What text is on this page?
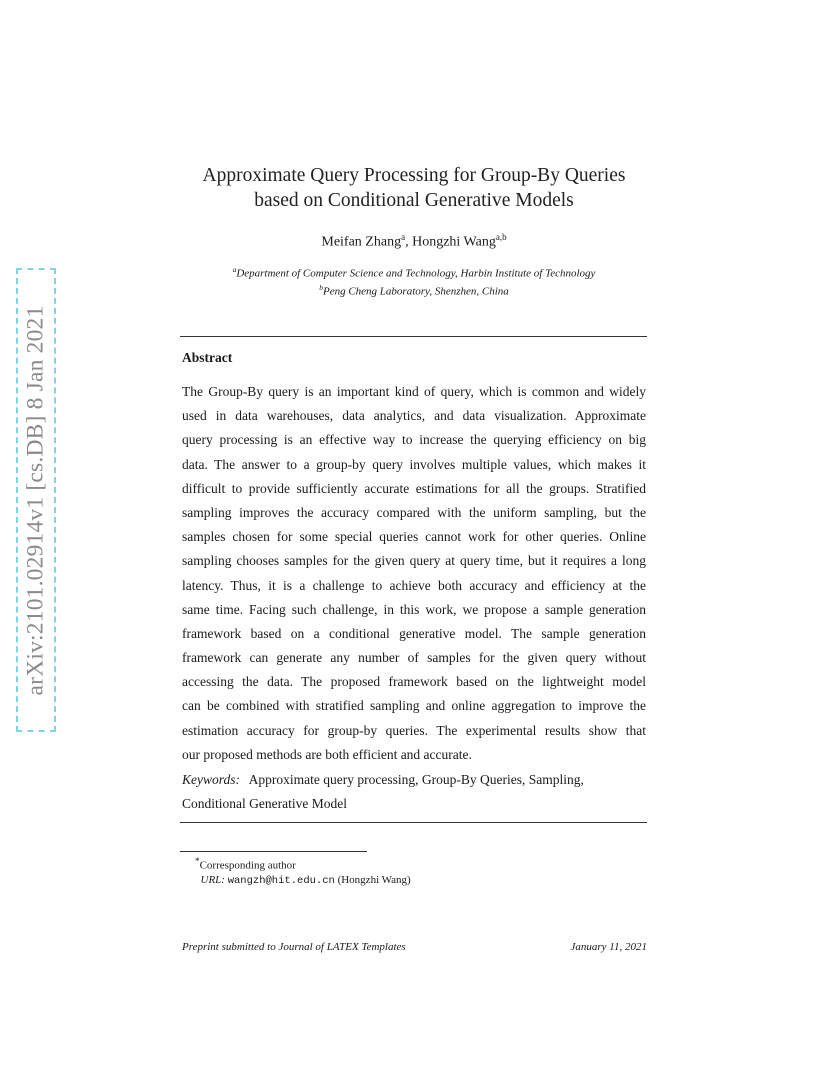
arXiv:2101.02914v1 [cs.DB] 8 Jan 2021
Approximate Query Processing for Group-By Queries
based on Conditional Generative Models
Meifan Zhang$^a$, Hongzhi Wang$^{a,b}$
$^a$Department of Computer Science and Technology, Harbin Institute of Technology
$^b$Peng Cheng Laboratory, Shenzhen, China
Abstract
The Group-By query is an important kind of query, which is common and widely
used in data warehouses, data analytics, and data visualization. Approximate
query processing is an effective way to increase the querying efficiency on big
data. The answer to a group-by query involves multiple values, which makes it
difficult to provide sufficiently accurate estimations for all the groups. Stratified
sampling improves the accuracy compared with the uniform sampling, but the
samples chosen for some special queries cannot work for other queries. Online
sampling chooses samples for the given query at query time, but it requires a long
latency. Thus, it is a challenge to achieve both accuracy and efficiency at the
same time. Facing such challenge, in this work, we propose a sample generation
framework based on a conditional generative model. The sample generation
framework can generate any number of samples for the given query without
accessing the data. The proposed framework based on the lightweight model
can be combined with stratified sampling and online aggregation to improve the
estimation accuracy for group-by queries. The experimental results show that
our proposed methods are both efficient and accurate.
Keywords: Approximate query processing, Group-By Queries, Sampling,
Conditional Generative Model
*Corresponding author
URL: wangzh@hit.edu.cn (Hongzhi Wang)
Preprint submitted to Journal of LATEX Templates	January 11, 2021
